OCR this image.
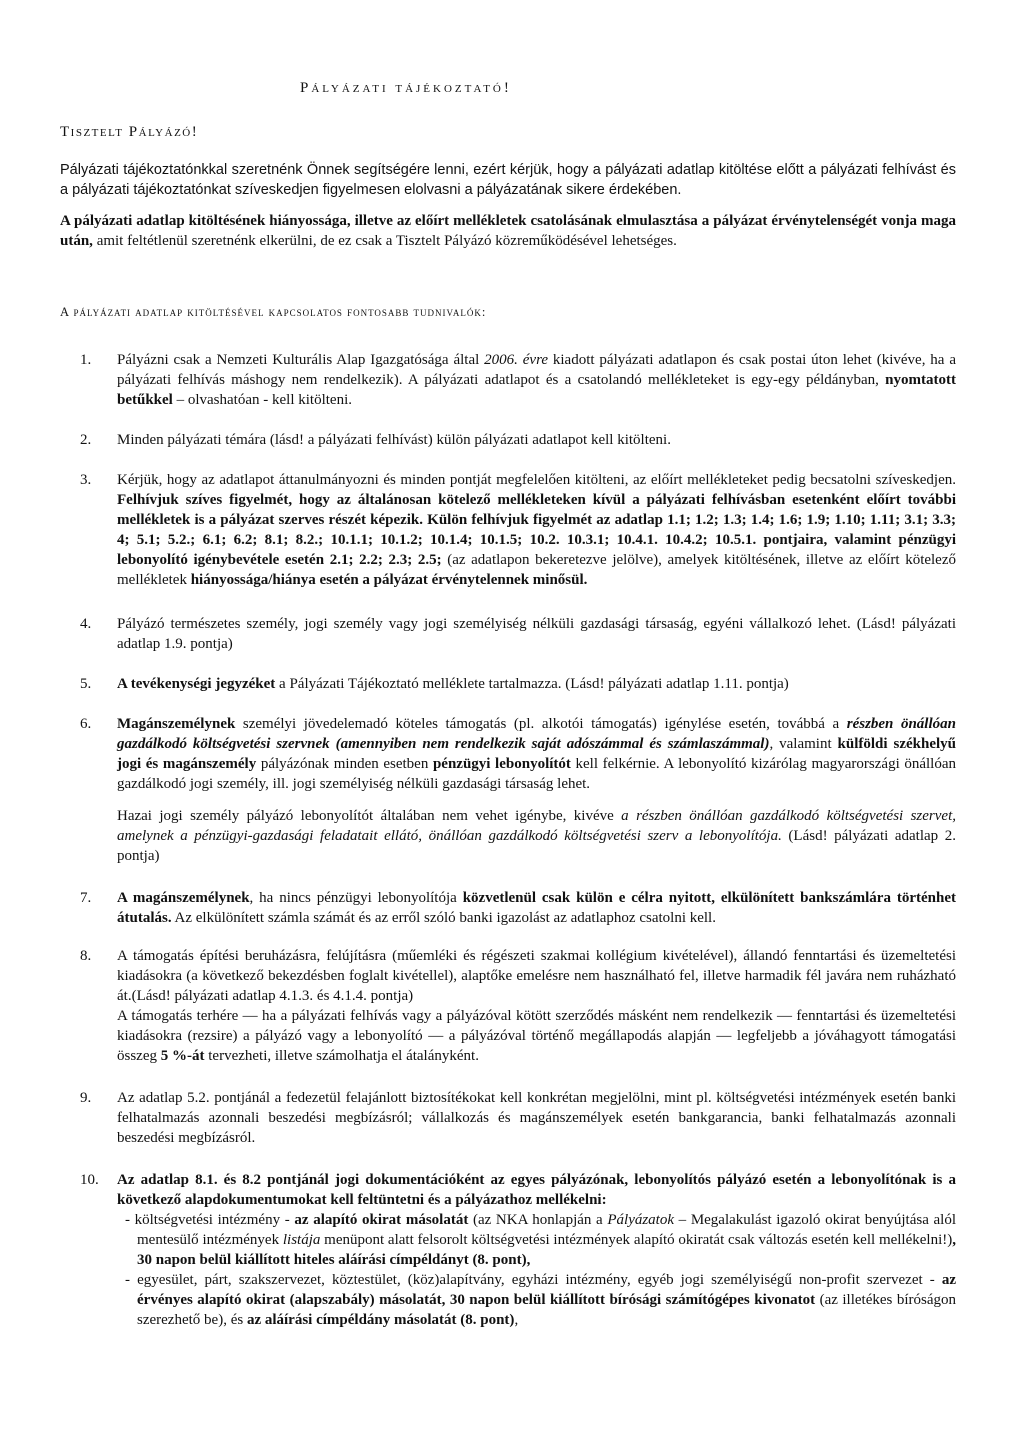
Pályázati tájékoztató!
Tisztelt Pályázó!

Pályázati tájékoztatónkkal szeretnénk Önnek segítségére lenni, ezért kérjük, hogy a pályázati adatlap kitöltése előtt a pályázati felhívást és a pályázati tájékoztatónkat szíveskedjen figyelmesen elolvasni a pályázatának sikere érdekében.

A pályázati adatlap kitöltésének hiányossága, illetve az előírt mellékletek csatolásának elmulasztása a pályázat érvénytelenségét vonja maga után, amit feltétlenül szeretnénk elkerülni, de ez csak a Tisztelt Pályázó közreműködésével lehetséges.

A pályázati adatlap kitöltésével kapcsolatos fontosabb tudnivalók:
1.	Pályázni csak a Nemzeti Kulturális Alap Igazgatósága által 2006. évre kiadott pályázati adatlapon és csak postai úton lehet (kivéve, ha a pályázati felhívás máshogy nem rendelkezik). A pályázati adatlapot és a csatolandó mellékleteket is egy-egy példányban, nyomtatott betűkkel – olvashatóan - kell kitölteni.
2.	Minden pályázati témára (lásd! a pályázati felhívást) külön pályázati adatlapot kell kitölteni.
3.	Kérjük, hogy az adatlapot áttanulmányozni és minden pontját megfelelően kitölteni, az előírt mellékleteket pedig becsatolni szíveskedjen. Felhívjuk szíves figyelmét, hogy az általánosan kötelező mellékleteken kívül a pályázati felhívásban esetenként előírt további mellékletek is a pályázat szerves részét képezik. Külön felhívjuk figyelmét az adatlap 1.1; 1.2; 1.3; 1.4; 1.6; 1.9; 1.10; 1.11; 3.1; 3.3; 4; 5.1; 5.2.; 6.1; 6.2; 8.1; 8.2.; 10.1.1; 10.1.2; 10.1.4; 10.1.5; 10.2. 10.3.1; 10.4.1. 10.4.2; 10.5.1. pontjaira, valamint pénzügyi lebonyolító igénybevétele esetén 2.1; 2.2; 2.3; 2.5; (az adatlapon bekeretezve jelölve), amelyek kitöltésének, illetve az előírt kötelező mellékletek hiányossága/hiánya esetén a pályázat érvénytelennek minősül.
4.	Pályázó természetes személy, jogi személy vagy jogi személyiség nélküli gazdasági társaság, egyéni vállalkozó lehet. (Lásd! pályázati adatlap 1.9. pontja)
5.	A tevékenységi jegyzéket a Pályázati Tájékoztató melléklete tartalmazza. (Lásd! pályázati adatlap 1.11. pontja)
6.	Magánszemélynek személyi jövedelemadó köteles támogatás (pl. alkotói támogatás) igénylése esetén, továbbá a részben önállóan gazdálkodó költségvetési szervnek (amennyiben nem rendelkezik saját adószámmal és számlaszámmal), valamint külföldi székhelyű jogi és magánszemély pályázónak minden esetben pénzügyi lebonyolítót kell felkérnie. A lebonyolító kizárólag magyarországi önállóan gazdálkodó jogi személy, ill. jogi személyiség nélküli gazdasági társaság lehet.

Hazai jogi személy pályázó lebonyolítót általában nem vehet igénybe, kivéve a részben önállóan gazdálkodó költségvetési szervet, amelynek a pénzügyi-gazdasági feladatait ellátó, önállóan gazdálkodó költségvetési szerv a lebonyolítója. (Lásd! pályázati adatlap 2. pontja)

7.	A magánszemélynek, ha nincs pénzügyi lebonyolítója közvetlenül csak külön e célra nyitott, elkülönített bankszámlára történhet átutalás. Az elkülönített számla számát és az erről szóló banki igazolást az adatlaphoz csatolni kell.
8.	A támogatás építési beruházásra, felújításra (műemléki és régészeti szakmai kollégium kivételével), állandó fenntartási és üzemeltetési kiadásokra (a következő bekezdésben foglalt kivétellel), alaptőke emelésre nem használható fel, illetve harmadik fél javára nem ruházható át.(Lásd! pályázati adatlap 4.1.3. és 4.1.4. pontja)

A támogatás terhére — ha a pályázati felhívás vagy a pályázóval kötött szerződés másként nem rendelkezik — fenntartási és üzemeltetési kiadásokra (rezsire) a pályázó vagy a lebonyolító — a pályázóval történő megállapodás alapján — legfeljebb a jóváhagyott támogatási összeg 5 %-át tervezheti, illetve számolhatja el átalányként.

9.	Az adatlap 5.2. pontjánál a fedezetül felajánlott biztosítékokat kell konkrétan megjelölni, mint pl. költségvetési intézmények esetén banki felhatalmazás azonnali beszedési megbízásról; vállalkozás és magánszemélyek esetén bankgarancia, banki felhatalmazás azonnali beszedési megbízásról.
10.	Az adatlap 8.1. és 8.2 pontjánál jogi dokumentációként az egyes pályázónak, lebonyolítós pályázó esetén a lebonyolítónak is a következő alapdokumentumokat kell feltüntetni és a pályázathoz mellékelni:

- költségvetési intézmény - az alapító okirat másolatát (az NKA honlapján a Pályázatok – Megalakulást igazoló okirat benyújtása alól mentesülő intézmények listája menüpont alatt felsorolt költségvetési intézmények alapító okiratát csak változás esetén kell mellékelni!), 30 napon belül kiállított hiteles aláírási címpéldányt (8. pont),
- egyesület, párt, szakszervezet, köztestület, (köz)alapítvány, egyházi intézmény, egyéb jogi személyiségű non-profit szervezet - az érvényes alapító okirat (alapszabály) másolatát, 30 napon belül kiállított bírósági számítógépes kivonatot (az illetékes bíróságon szerezhető be), és az aláírási címpéldány másolatát (8. pont),
